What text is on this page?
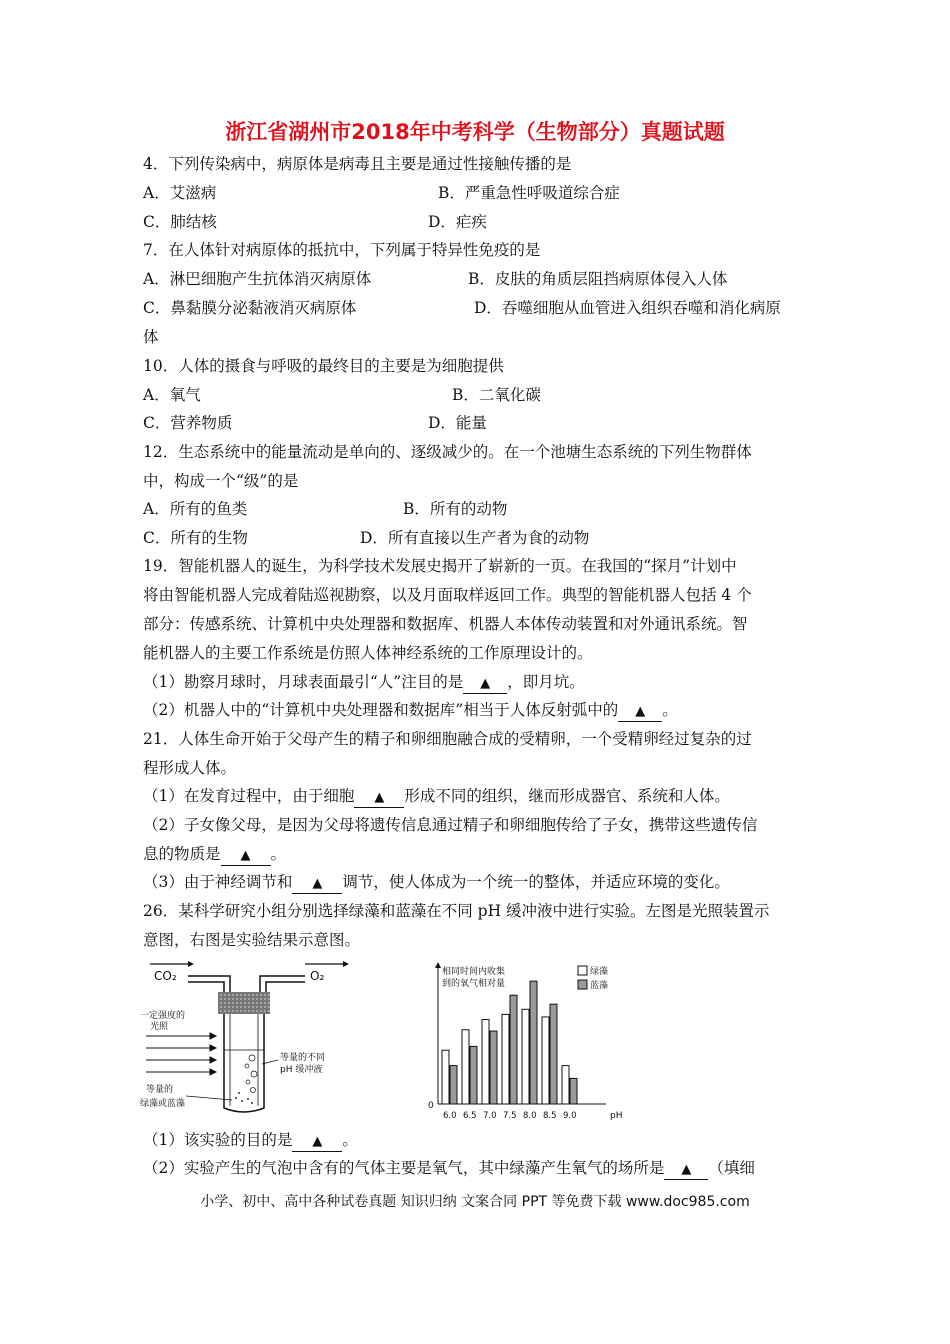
浙江省湖州市2018年中考科学（生物部分）真题试题

4．下列传染病中，病原体是病毒且主要是通过性接触传播的是

A．艾滋病	B．严重急性呼吸道综合症

C．肺结核	D．疟疾

7．在人体针对病原体的抵抗中，下列属于特异性免疫的是

A．淋巴细胞产生抗体消灭病原体	B．皮肤的角质层阻挡病原体侵入人体

C．鼻黏膜分泌黏液消灭病原体	D．吞噬细胞从血管进入组织吞噬和消化病原

体

10．人体的摄食与呼吸的最终目的主要是为细胞提供

A．氧气	B．二氧化碳

C．营养物质	D．能量

12．生态系统中的能量流动是单向的、逐级减少的。在一个池塘生态系统的下列生物群体

中，构成一个“级”的是

A．所有的鱼类	B．所有的动物

C．所有的生物	D．所有直接以生产者为食的动物

19．智能机器人的诞生，为科学技术发展史揭开了崭新的一页。在我国的“探月”计划中

将由智能机器人完成着陆巡视勘察，以及月面取样返回工作。典型的智能机器人包括 4 个

部分：传感系统、计算机中央处理器和数据库、机器人本体传动装置和对外通讯系统。智

能机器人的主要工作系统是仿照人体神经系统的工作原理设计的。

（1）勘察月球时，月球表面最引“人”注目的是 ▲ ，即月坑。

（2）机器人中的“计算机中央处理器和数据库”相当于人体反射弧中的 ▲ 。

21．人体生命开始于父母产生的精子和卵细胞融合成的受精卵，一个受精卵经过复杂的过

程形成人体。

（1）在发育过程中，由于细胞 ▲ 形成不同的组织，继而形成器官、系统和人体。

（2）子女像父母，是因为父母将遗传信息通过精子和卵细胞传给了子女，携带这些遗传信

息的物质是 ▲ 。

（3）由于神经调节和 ▲ 调节，使人体成为一个统一的整体，并适应环境的变化。

26．某科学研究小组分别选择绿藻和蓝藻在不同 pH 缓冲液中进行实验。左图是光照装置示

意图，右图是实验结果示意图。

CO₂	O₂
一定强度的
光照
等量的不同
pH 缓冲液
等量的
绿藻或蓝藻
相同时间内收集
到的氧气相对量
0
pH
6.0 6.5 7.0 7.5 8.0 8.5 9.0
绿藻
蓝藻

（1）该实验的目的是 ▲ 。

（2）实验产生的气泡中含有的气体主要是氧气，其中绿藻产生氧气的场所是 ▲ （填细

小学、初中、高中各种试卷真题 知识归纳 文案合同 PPT 等免费下载 www.doc985.com
